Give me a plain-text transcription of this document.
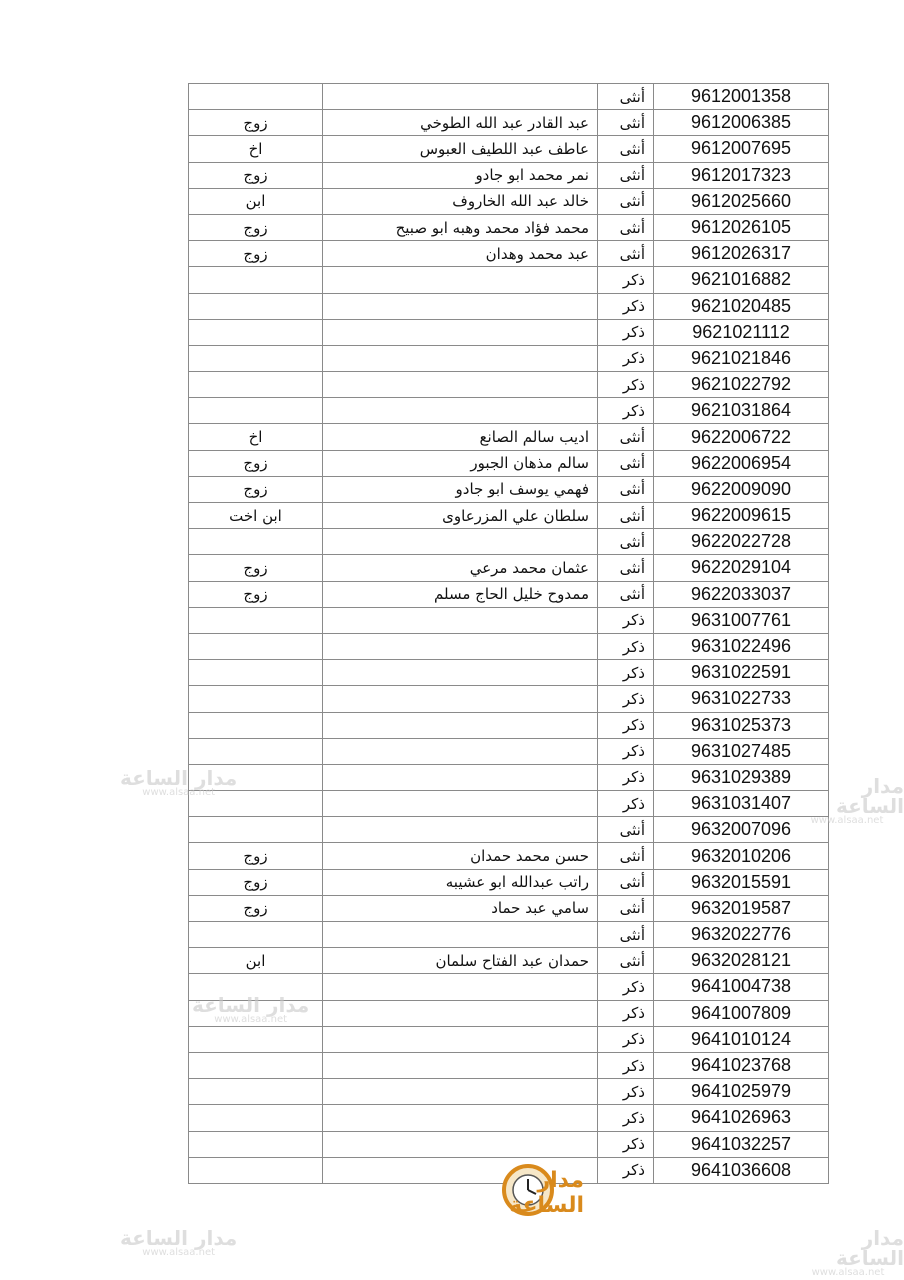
		أنثى	9612001358
زوج	عبد القادر عبد الله الطوخي	أنثى	9612006385
اخ	عاطف عبد اللطيف العبوس	أنثى	9612007695
زوج	نمر محمد ابو جادو	أنثى	9612017323
ابن	خالد عبد الله الخاروف	أنثى	9612025660
زوج	محمد فؤاد محمد وهبه ابو صبيح	أنثى	9612026105
زوج	عبد محمد وهدان	أنثى	9612026317
		ذكر	9621016882
		ذكر	9621020485
		ذكر	9621021112
		ذكر	9621021846
		ذكر	9621022792
		ذكر	9621031864
اخ	اديب سالم الصانع	أنثى	9622006722
زوج	سالم مذهان الجبور	أنثى	9622006954
زوج	فهمي يوسف ابو جادو	أنثى	9622009090
ابن اخت	سلطان علي المزرعاوى	أنثى	9622009615
		أنثى	9622022728
زوج	عثمان محمد مرعي	أنثى	9622029104
زوج	ممدوح خليل الحاج مسلم	أنثى	9622033037
		ذكر	9631007761
		ذكر	9631022496
		ذكر	9631022591
		ذكر	9631022733
		ذكر	9631025373
		ذكر	9631027485
		ذكر	9631029389
		ذكر	9631031407
		أنثى	9632007096
زوج	حسن محمد حمدان	أنثى	9632010206
زوج	راتب عبدالله ابو عشيبه	أنثى	9632015591
زوج	سامي عبد حماد	أنثى	9632019587
		أنثى	9632022776
ابن	حمدان عبد الفتاح سلمان	أنثى	9632028121
		ذكر	9641004738
		ذكر	9641007809
		ذكر	9641010124
		ذكر	9641023768
		ذكر	9641025979
		ذكر	9641026963
		ذكر	9641032257
		ذكر	9641036608
مدار الساعة
www.alsaa.net	مدار الساعة
www.alsaa.net
مدار الساعة
www.alsaa.net
مدار الساعة
www.alsaa.net
مدار الساعة
www.alsaa.net
مدار الساعة
